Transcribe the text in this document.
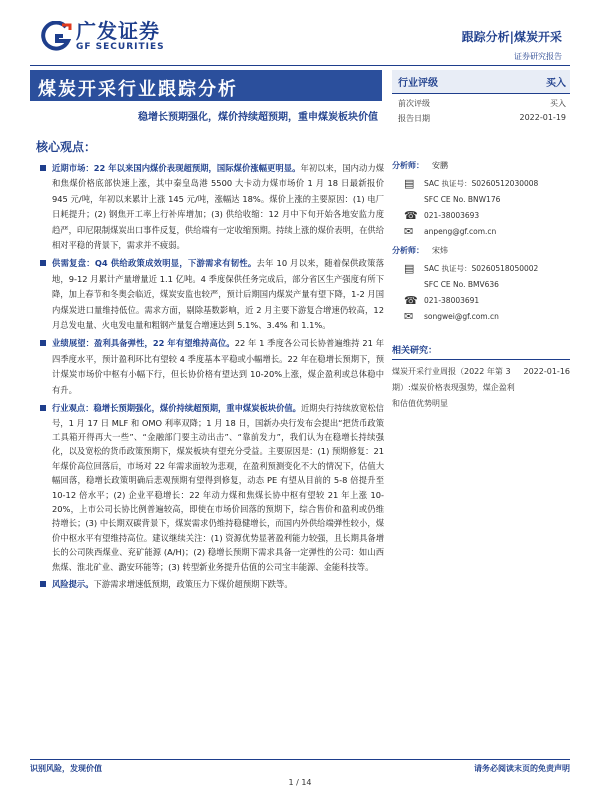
广发证券
GF SECURITIES
跟踪分析|煤炭开采
证券研究报告
煤炭开采行业跟踪分析
稳增长预期强化，煤价持续超预期，重申煤炭板块价值
行业评级	买入
前次评级	买入
报告日期	2022-01-19
核心观点：
近期市场：22 年以来国内煤价表现超预期，国际煤价涨幅更明显。年初以来，国内动力煤和焦煤价格底部快速上涨，其中秦皇岛港 5500 大卡动力煤市场价 1 月 18 日最新报价 945 元/吨，年初以来累计上涨 145 元/吨，涨幅达 18%。煤价上涨的主要原因：(1) 电厂日耗提升；(2) 钢焦开工率上行补库增加；(3) 供给收缩：12 月中下旬开始各地安监力度趋严，印尼限制煤炭出口事件反复，供给端有一定收缩预期。持续上涨的煤价表明，在供给相对平稳的背景下，需求并不疲弱。
供需复盘：Q4 供给政策成效明显，下游需求有韧性。去年 10 月以来，随着保供政策落地，9-12 月累计产量增量近 1.1 亿吨。4 季度保供任务完成后，部分省区生产强度有所下降，加上春节和冬奥会临近，煤炭安监也较严，预计后期国内煤炭产量有望下降，1-2 月国内煤炭进口量维持低位。需求方面，剔除基数影响，近 2 月主要下游复合增速仍较高，12 月总发电量、火电发电量和粗钢产量复合增速达到 5.1%、3.4% 和 1.1%。
业绩展望：盈利具备弹性，22 年有望维持高位。22 年 1 季度各公司长协普遍维持 21 年四季度水平，预计盈利环比有望较 4 季度基本平稳或小幅增长。22 年在稳增长预期下，预计煤炭市场价中枢有小幅下行，但长协价格有望达到 10-20%上涨，煤企盈利或总体稳中有升。
行业观点：稳增长预期强化，煤价持续超预期，重申煤炭板块价值。近期央行持续放宽松信号，1 月 17 日 MLF 和 OMO 利率双降；1 月 18 日，国新办央行发布会提出“把货币政策工具箱开得再大一些”、“金融部门要主动出击”、“靠前发力”，我们认为在稳增长持续强化，以及宽松的货币政策预期下，煤炭板块有望充分受益。主要原因是：(1) 预期修复：21 年煤价高位回落后，市场对 22 年需求面较为悲观，在盈利预测变化不大的情况下，估值大幅回落，稳增长政策明确后悲观预期有望得到修复，动态 PE 有望从目前的 5-8 倍提升至 10-12 倍水平；(2) 企业平稳增长：22 年动力煤和焦煤长协中枢有望较 21 年上涨 10-20%，上市公司长协比例普遍较高，即使在市场价回落的预期下，综合售价和盈利或仍维持增长；(3) 中长期双碳背景下，煤炭需求仍维持稳健增长，而国内外供给端弹性较小，煤价中枢水平有望维持高位。建议继续关注：(1) 资源优势显著盈利能力较强，且长期具备增长的公司陕西煤业、兖矿能源 (A/H)；(2) 稳增长预期下需求具备一定弹性的公司：如山西焦煤、淮北矿业、潞安环能等；(3) 转型新业务提升估值的公司宝丰能源、金能科技等。
风险提示。下游需求增速低预期，政策压力下煤价超预期下跌等。
分析师：	安鹏
▤	SAC 执证号：S0260512030008
SFC CE No. BNW176
☎ 021-38003693
✉	anpeng@gf.com.cn
分析师：	宋炜
▤	SAC 执证号：S0260518050002
SFC CE No. BMV636
☎ 021-38003691
✉	songwei@gf.com.cn
相关研究：
煤炭开采行业周报（2022 年第 3 期）:煤炭价格表现强势，煤企盈利和估值优势明显
2022-01-16
识别风险，发现价值	请务必阅读末页的免责声明
1 / 14
